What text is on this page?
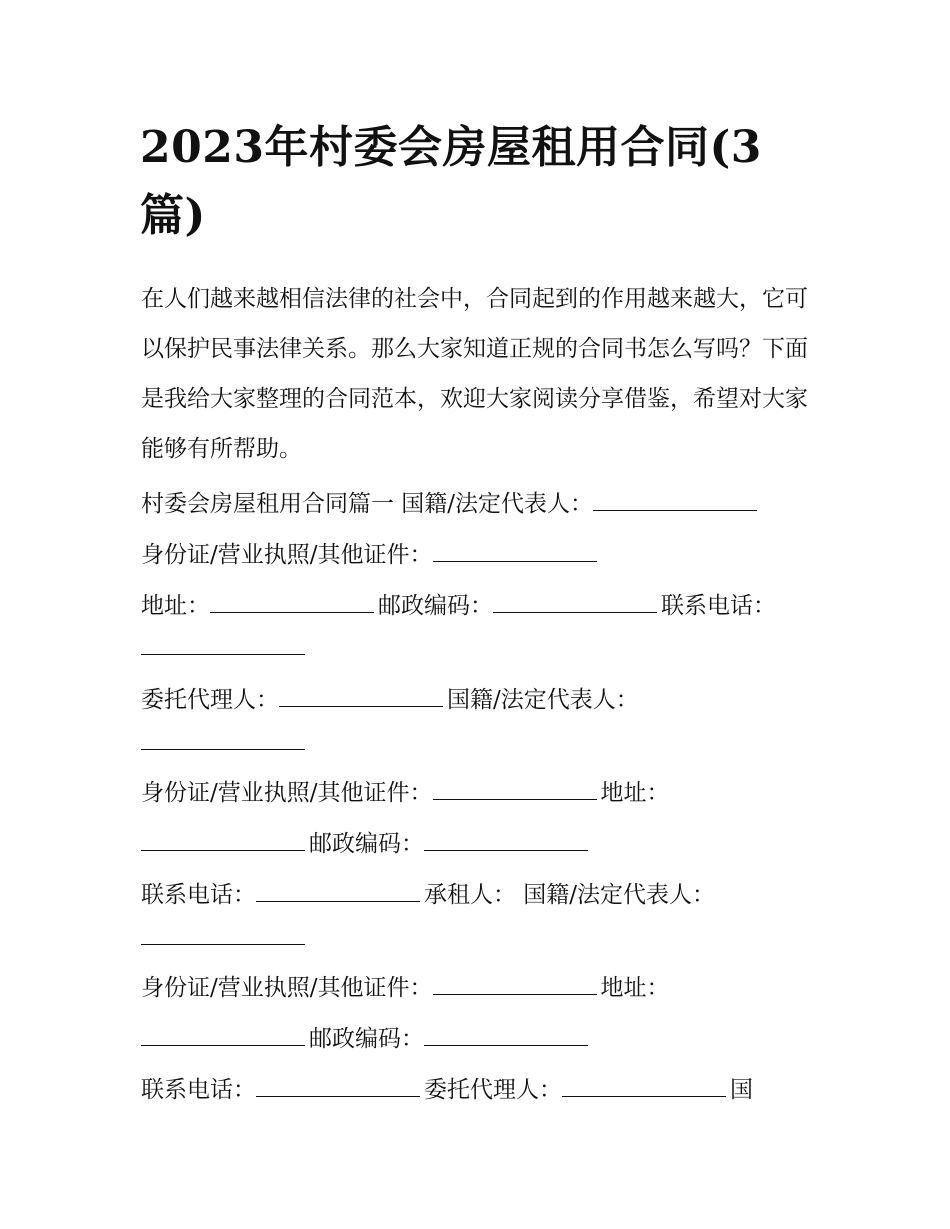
2023年村委会房屋租用合同(3篇)

在人们越来越相信法律的社会中，合同起到的作用越来越大，它可以保护民事法律关系。那么大家知道正规的合同书怎么写吗？下面是我给大家整理的合同范本，欢迎大家阅读分享借鉴，希望对大家能够有所帮助。

村委会房屋租用合同篇一 国籍/法定代表人：
身份证/营业执照/其他证件：
地址：	邮政编码：	联系电话：
委托代理人：	国籍/法定代表人：
身份证/营业执照/其他证件：	地址：
邮政编码：
联系电话：	承租人： 国籍/法定代表人：
身份证/营业执照/其他证件：	地址：
邮政编码：
联系电话：	委托代理人：	国
